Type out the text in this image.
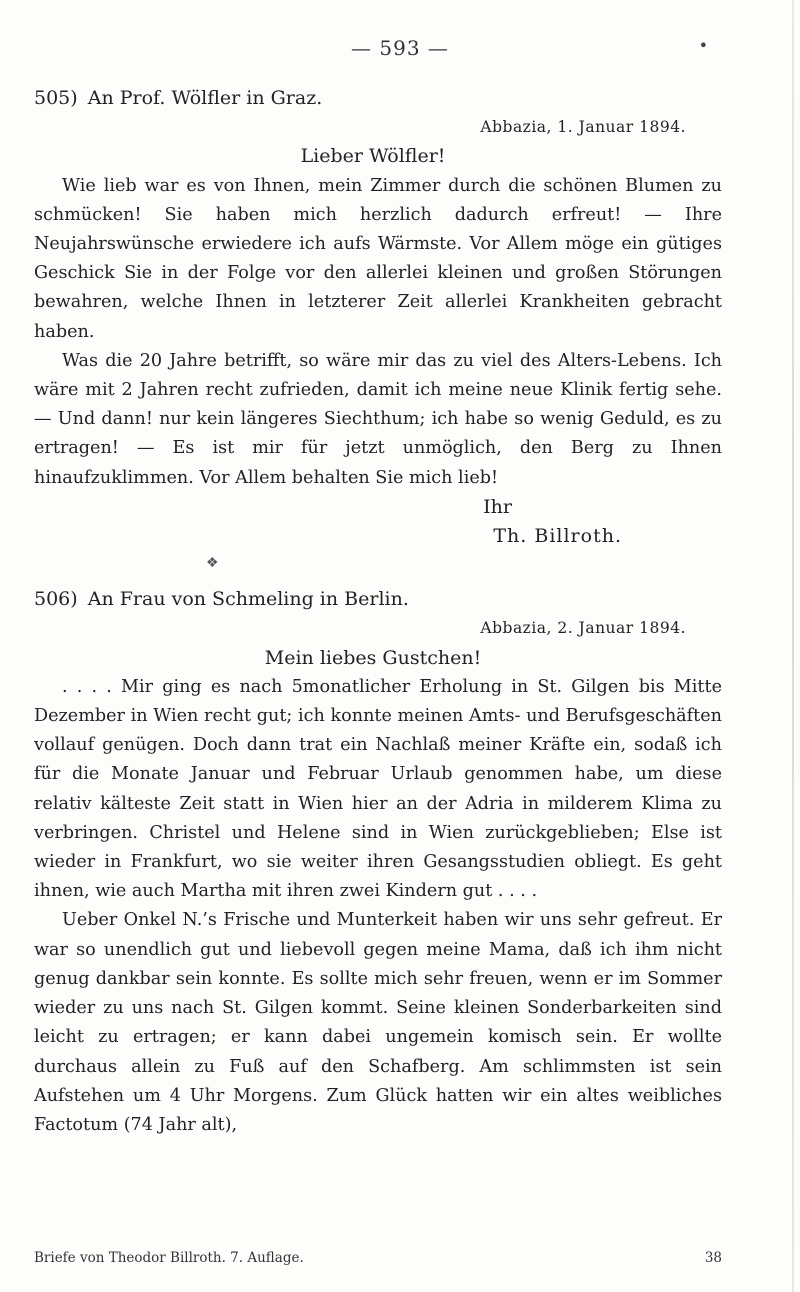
— 593 —	•
505) An Prof. Wölfler in Graz.
Abbazia, 1. Januar 1894.
Lieber Wölfler!

Wie lieb war es von Ihnen, mein Zimmer durch die schönen Blumen zu schmücken! Sie haben mich herzlich dadurch erfreut! — Ihre Neujahrswünsche erwiedere ich aufs Wärmste. Vor Allem möge ein gütiges Geschick Sie in der Folge vor den allerlei kleinen und großen Störungen bewahren, welche Ihnen in letzterer Zeit allerlei Krankheiten gebracht haben.

Was die 20 Jahre betrifft, so wäre mir das zu viel des Alters-Lebens. Ich wäre mit 2 Jahren recht zufrieden, damit ich meine neue Klinik fertig sehe. — Und dann! nur kein längeres Siechthum; ich habe so wenig Geduld, es zu ertragen! — Es ist mir für jetzt unmöglich, den Berg zu Ihnen hinaufzuklimmen. Vor Allem behalten Sie mich lieb!

Ihr
Th. Billroth.
❖
506) An Frau von Schmeling in Berlin.
Abbazia, 2. Januar 1894.
Mein liebes Gustchen!

. . . . Mir ging es nach 5monatlicher Erholung in St. Gilgen bis Mitte Dezember in Wien recht gut; ich konnte meinen Amts- und Berufsgeschäften vollauf genügen. Doch dann trat ein Nachlaß meiner Kräfte ein, sodaß ich für die Monate Januar und Februar Urlaub genommen habe, um diese relativ kälteste Zeit statt in Wien hier an der Adria in milderem Klima zu verbringen. Christel und Helene sind in Wien zurückgeblieben; Else ist wieder in Frankfurt, wo sie weiter ihren Gesangsstudien obliegt. Es geht ihnen, wie auch Martha mit ihren zwei Kindern gut . . . .

Ueber Onkel N.’s Frische und Munterkeit haben wir uns sehr gefreut. Er war so unendlich gut und liebevoll gegen meine Mama, daß ich ihm nicht genug dankbar sein konnte. Es sollte mich sehr freuen, wenn er im Sommer wieder zu uns nach St. Gilgen kommt. Seine kleinen Sonderbarkeiten sind leicht zu ertragen; er kann dabei ungemein komisch sein. Er wollte durchaus allein zu Fuß auf den Schafberg. Am schlimmsten ist sein Aufstehen um 4 Uhr Morgens. Zum Glück hatten wir ein altes weibliches Factotum (74 Jahr alt),

Briefe von Theodor Billroth. 7. Auflage.	38
